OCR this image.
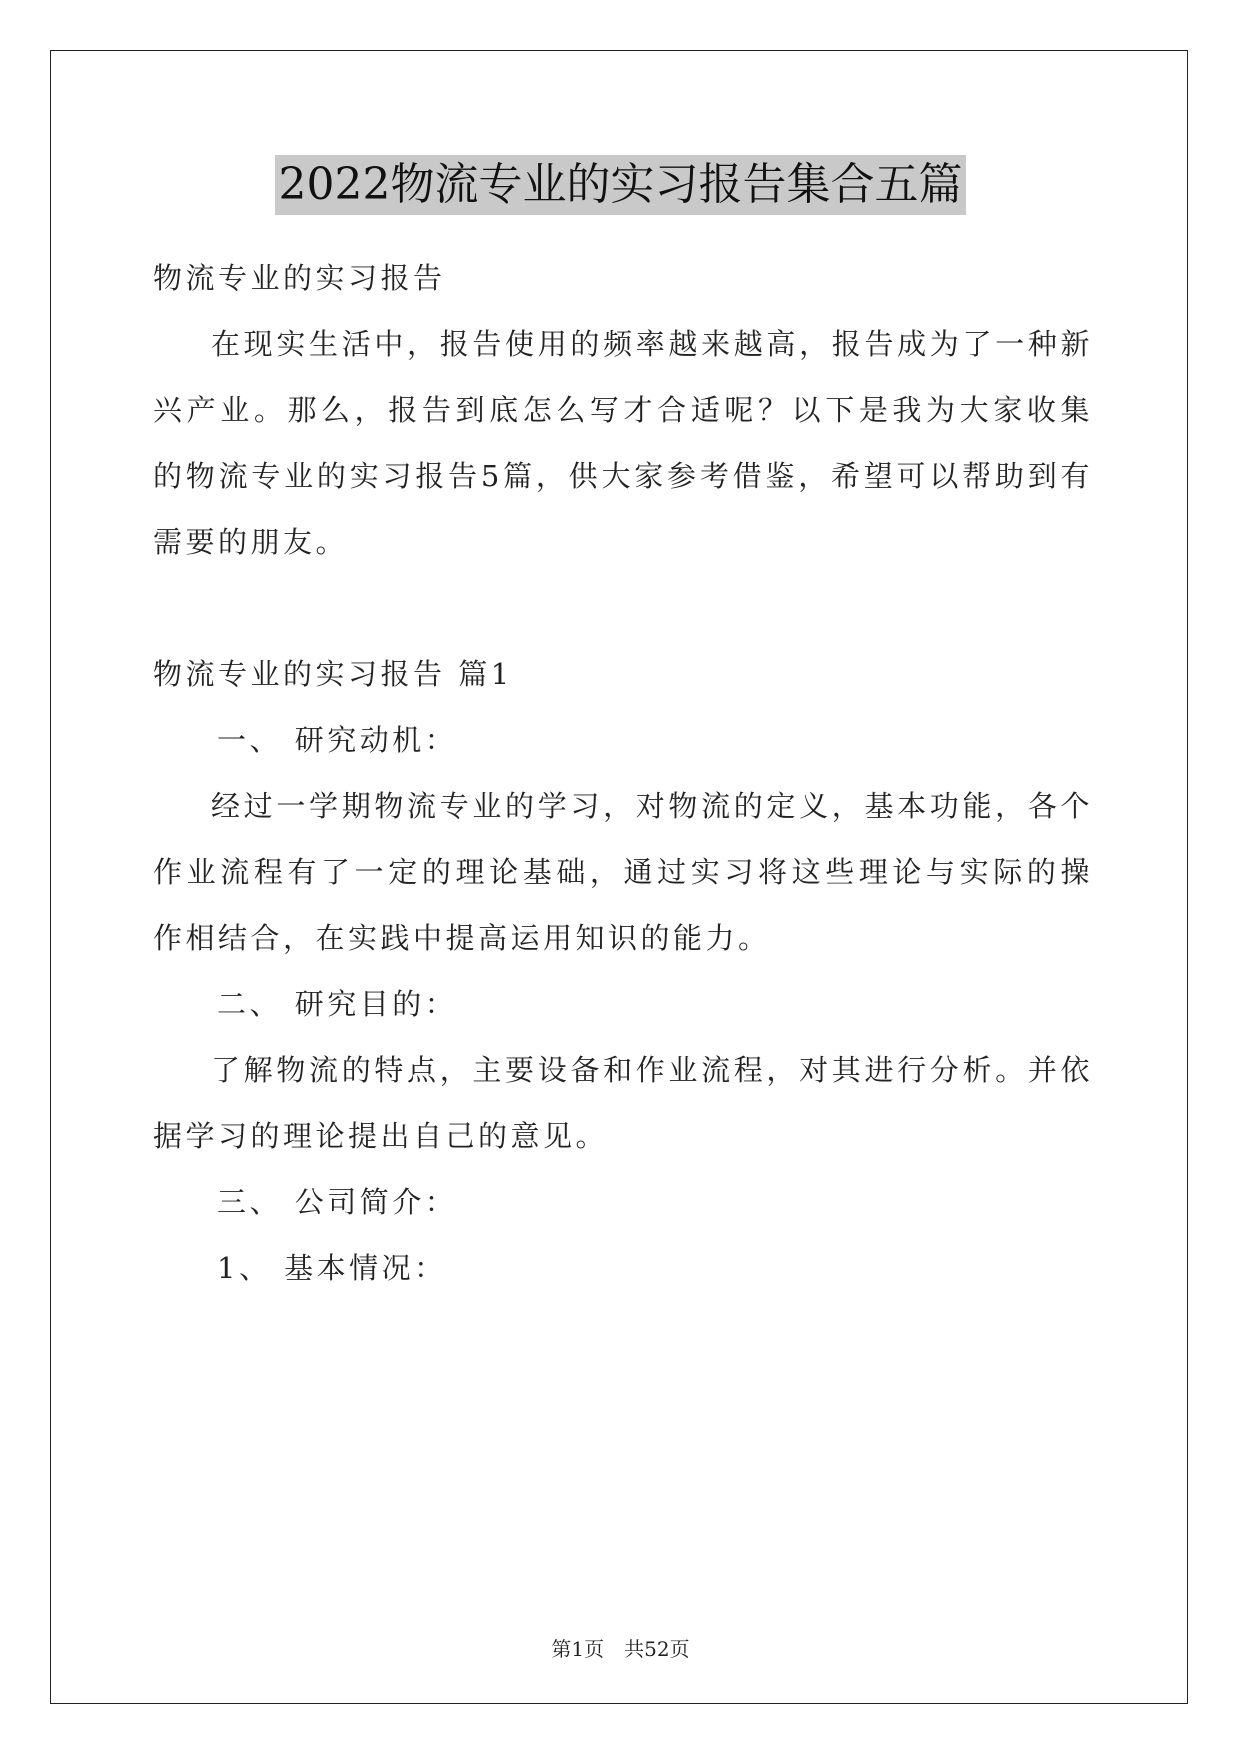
2022物流专业的实习报告集合五篇

物流专业的实习报告

在现实生活中，报告使用的频率越来越高，报告成为了一种新兴产业。那么，报告到底怎么写才合适呢？以下是我为大家收集的物流专业的实习报告5篇，供大家参考借鉴，希望可以帮助到有需要的朋友。

物流专业的实习报告 篇1

一、 研究动机：

经过一学期物流专业的学习，对物流的定义，基本功能，各个作业流程有了一定的理论基础，通过实习将这些理论与实际的操作相结合，在实践中提高运用知识的能力。

二、 研究目的：

了解物流的特点，主要设备和作业流程，对其进行分析。并依据学习的理论提出自己的意见。

三、 公司简介：

1、 基本情况：

第1页　共52页
